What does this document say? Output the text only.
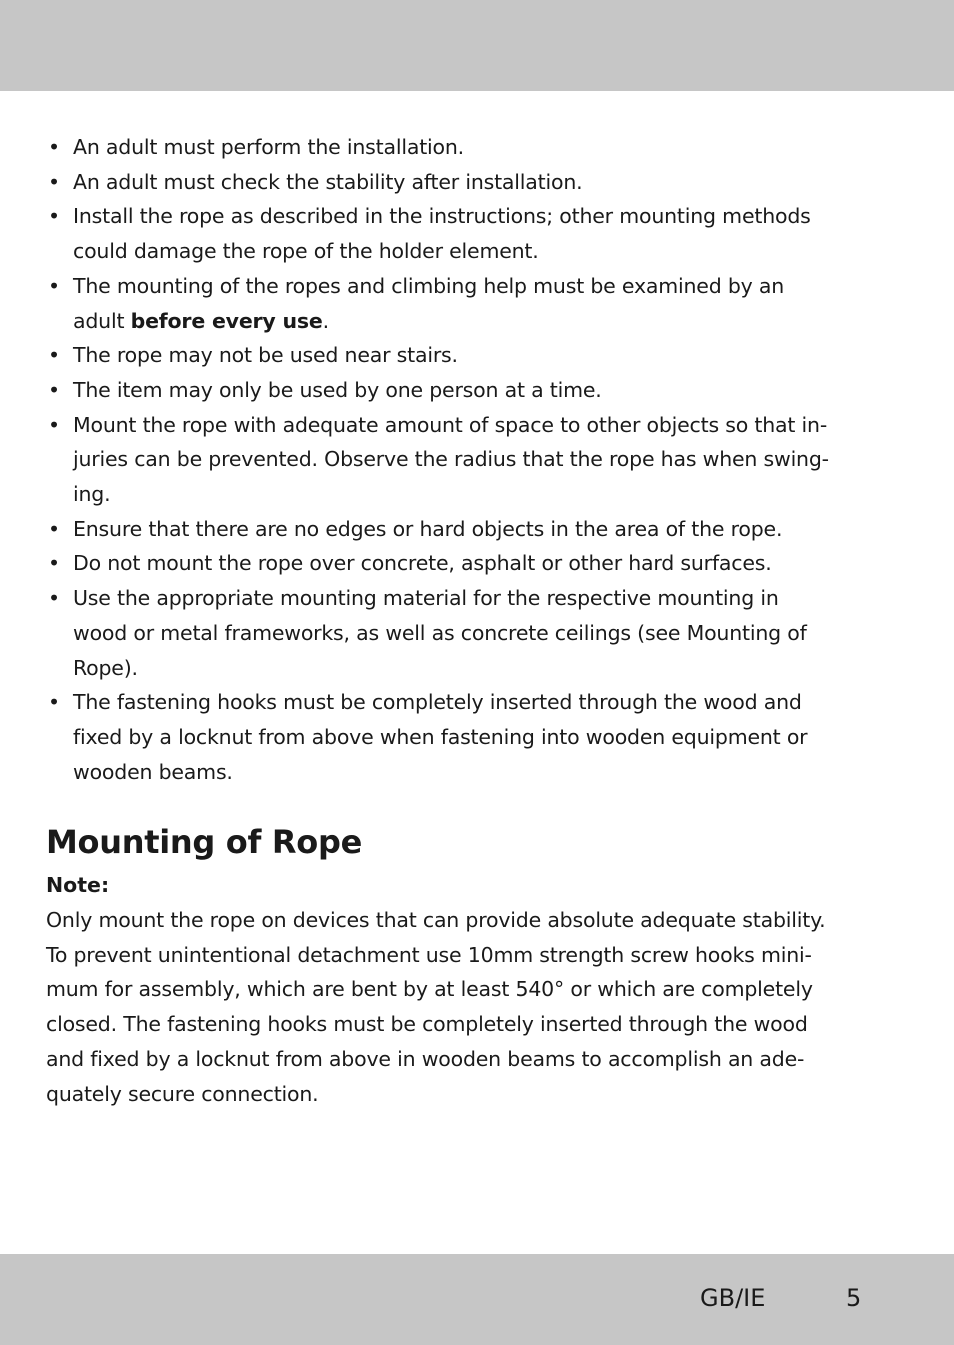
• An adult must perform the installation.
• An adult must check the stability after installation.
• Install the rope as described in the instructions; other mounting methods
could damage the rope of the holder element.
• The mounting of the ropes and climbing help must be examined by an
adult before every use.
• The rope may not be used near stairs.
• The item may only be used by one person at a time.
• Mount the rope with adequate amount of space to other objects so that in-
juries can be prevented. Observe the radius that the rope has when swing-
ing.
• Ensure that there are no edges or hard objects in the area of the rope.
• Do not mount the rope over concrete, asphalt or other hard surfaces.
• Use the appropriate mounting material for the respective mounting in
wood or metal frameworks, as well as concrete ceilings (see Mounting of
Rope).
• The fastening hooks must be completely inserted through the wood and
fixed by a locknut from above when fastening into wooden equipment or
wooden beams.
Mounting of Rope
Note:
Only mount the rope on devices that can provide absolute adequate stability.
To prevent unintentional detachment use 10mm strength screw hooks mini-
mum for assembly, which are bent by at least 540° or which are completely
closed. The fastening hooks must be completely inserted through the wood
and fixed by a locknut from above in wooden beams to accomplish an ade-
quately secure connection.
GB/IE	5
